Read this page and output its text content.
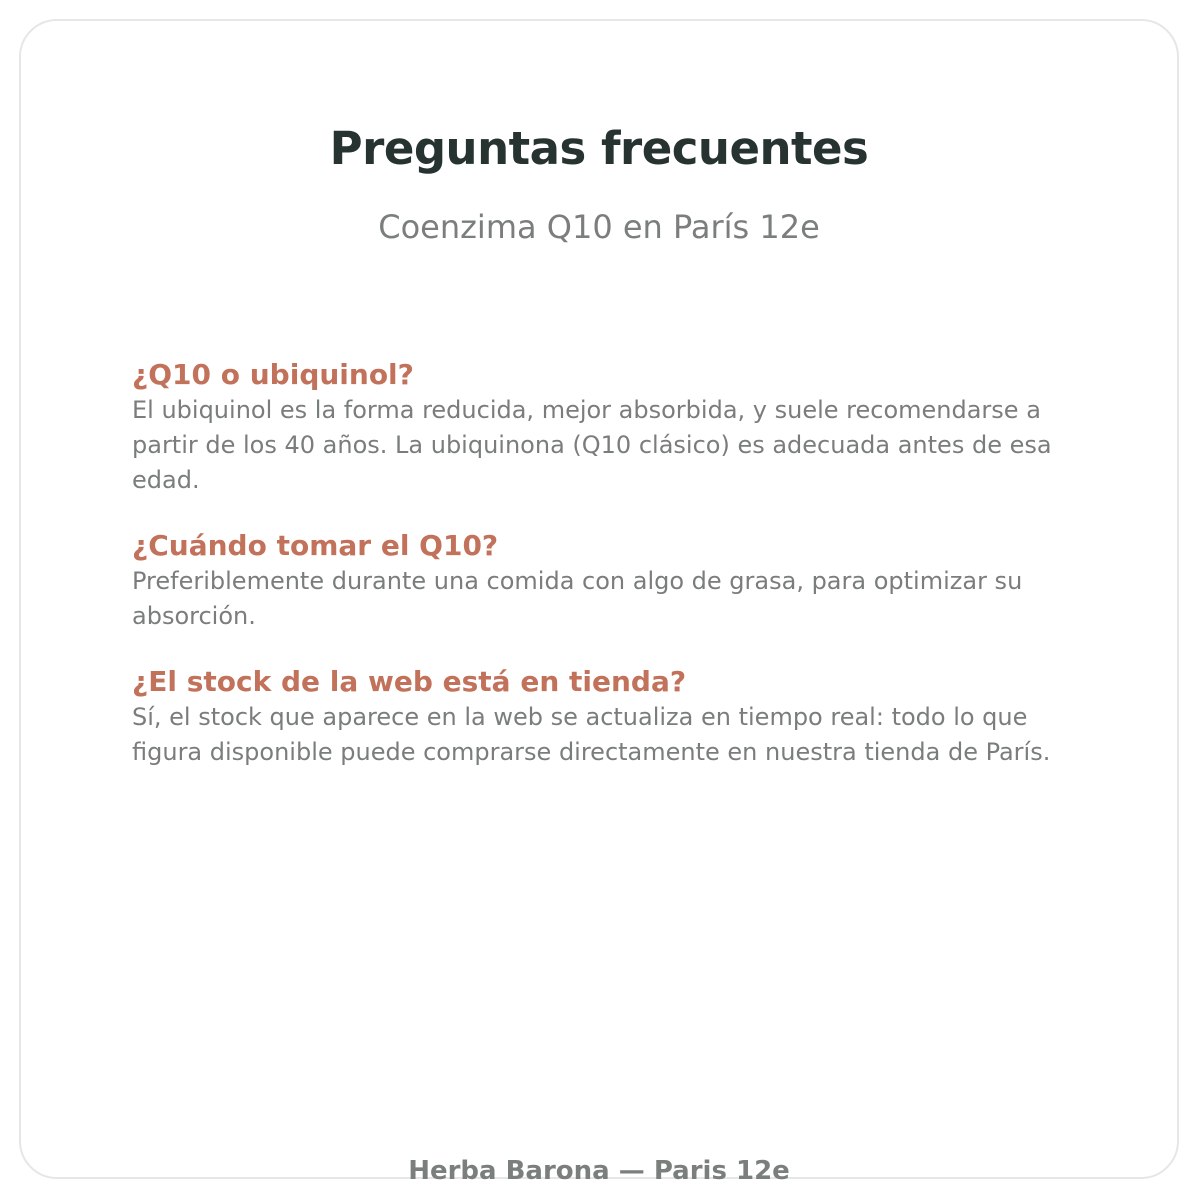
Preguntas frecuentes
Coenzima Q10 en París 12e

¿Q10 o ubiquinol?

El ubiquinol es la forma reducida, mejor absorbida, y suele recomendarse a partir de los 40 años. La ubiquinona (Q10 clásico) es adecuada antes de esa edad.

¿Cuándo tomar el Q10?

Preferiblemente durante una comida con algo de grasa, para optimizar su absorción.

¿El stock de la web está en tienda?

Sí, el stock que aparece en la web se actualiza en tiempo real: todo lo que figura disponible puede comprarse directamente en nuestra tienda de París.

Herba Barona — Paris 12e
